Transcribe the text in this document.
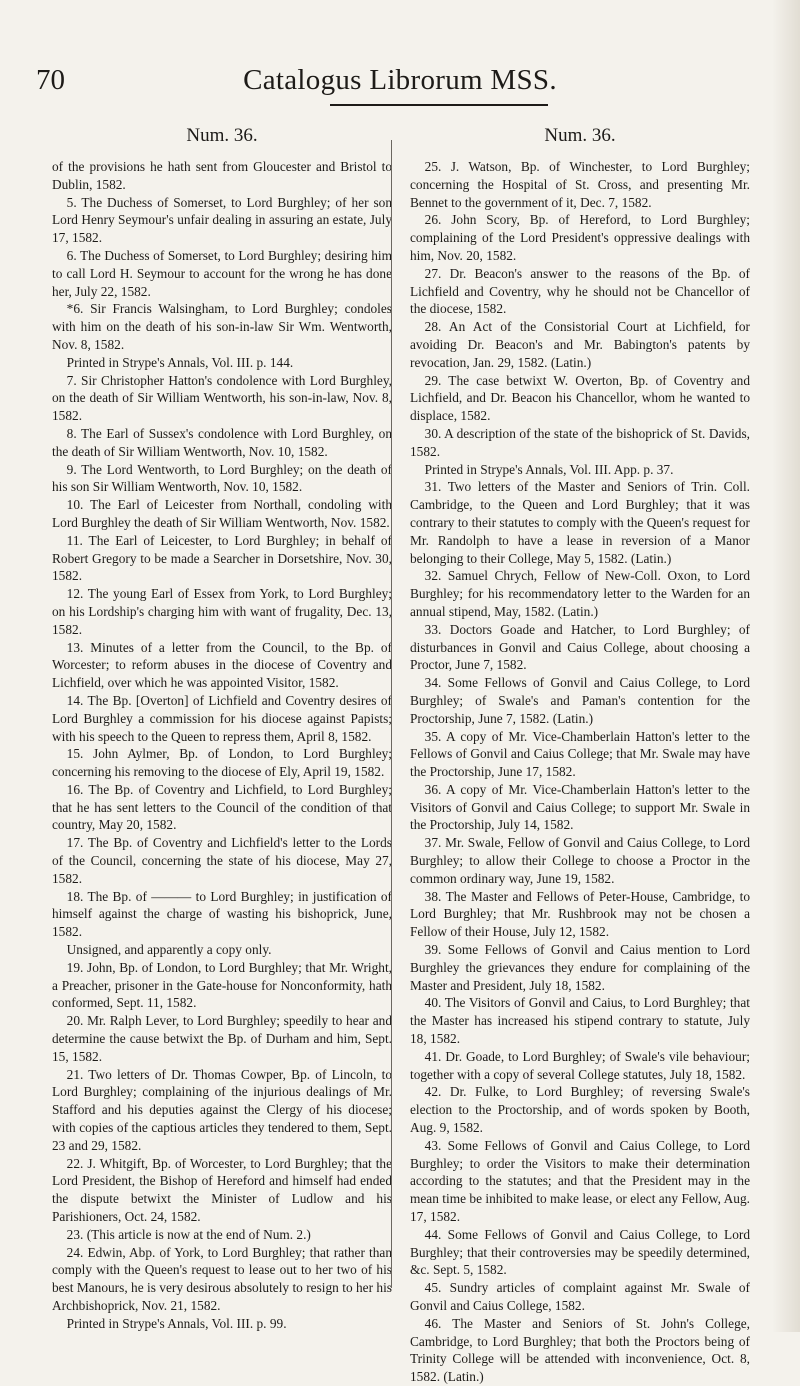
70	Catalogus Librorum MSS.
Num. 36.

of the provisions he hath sent from Gloucester and Bristol to Dublin, 1582.

5. The Duchess of Somerset, to Lord Burghley; of her son Lord Henry Seymour's unfair dealing in assuring an estate, July 17, 1582.

6. The Duchess of Somerset, to Lord Burghley; desiring him to call Lord H. Seymour to account for the wrong he has done her, July 22, 1582.

*6. Sir Francis Walsingham, to Lord Burghley; condoles with him on the death of his son-in-law Sir Wm. Wentworth, Nov. 8, 1582.

Printed in Strype's Annals, Vol. III. p. 144.

7. Sir Christopher Hatton's condolence with Lord Burghley, on the death of Sir William Wentworth, his son-in-law, Nov. 8, 1582.

8. The Earl of Sussex's condolence with Lord Burghley, on the death of Sir William Wentworth, Nov. 10, 1582.

9. The Lord Wentworth, to Lord Burghley; on the death of his son Sir William Wentworth, Nov. 10, 1582.

10. The Earl of Leicester from Northall, condoling with Lord Burghley the death of Sir William Wentworth, Nov. 1582.

11. The Earl of Leicester, to Lord Burghley; in behalf of Robert Gregory to be made a Searcher in Dorsetshire, Nov. 30, 1582.

12. The young Earl of Essex from York, to Lord Burghley; on his Lordship's charging him with want of frugality, Dec. 13, 1582.

13. Minutes of a letter from the Council, to the Bp. of Worcester; to reform abuses in the diocese of Coventry and Lichfield, over which he was appointed Visitor, 1582.

14. The Bp. [Overton] of Lichfield and Coventry desires of Lord Burghley a commission for his diocese against Papists; with his speech to the Queen to repress them, April 8, 1582.

15. John Aylmer, Bp. of London, to Lord Burghley; concerning his removing to the diocese of Ely, April 19, 1582.

16. The Bp. of Coventry and Lichfield, to Lord Burghley; that he has sent letters to the Council of the condition of that country, May 20, 1582.

17. The Bp. of Coventry and Lichfield's letter to the Lords of the Council, concerning the state of his diocese, May 27, 1582.

18. The Bp. of ——— to Lord Burghley; in justification of himself against the charge of wasting his bishoprick, June, 1582.

Unsigned, and apparently a copy only.

19. John, Bp. of London, to Lord Burghley; that Mr. Wright, a Preacher, prisoner in the Gate-house for Nonconformity, hath conformed, Sept. 11, 1582.

20. Mr. Ralph Lever, to Lord Burghley; speedily to hear and determine the cause betwixt the Bp. of Durham and him, Sept. 15, 1582.

21. Two letters of Dr. Thomas Cowper, Bp. of Lincoln, to Lord Burghley; complaining of the injurious dealings of Mr. Stafford and his deputies against the Clergy of his diocese; with copies of the captious articles they tendered to them, Sept. 23 and 29, 1582.

22. J. Whitgift, Bp. of Worcester, to Lord Burghley; that the Lord President, the Bishop of Hereford and himself had ended the dispute betwixt the Minister of Ludlow and his Parishioners, Oct. 24, 1582.

23. (This article is now at the end of Num. 2.)

24. Edwin, Abp. of York, to Lord Burghley; that rather than comply with the Queen's request to lease out to her two of his best Manours, he is very desirous absolutely to resign to her his Archbishoprick, Nov. 21, 1582.

Printed in Strype's Annals, Vol. III. p. 99.

Num. 36.

25. J. Watson, Bp. of Winchester, to Lord Burghley; concerning the Hospital of St. Cross, and presenting Mr. Bennet to the government of it, Dec. 7, 1582.

26. John Scory, Bp. of Hereford, to Lord Burghley; complaining of the Lord President's oppressive dealings with him, Nov. 20, 1582.

27. Dr. Beacon's answer to the reasons of the Bp. of Lichfield and Coventry, why he should not be Chancellor of the diocese, 1582.

28. An Act of the Consistorial Court at Lichfield, for avoiding Dr. Beacon's and Mr. Babington's patents by revocation, Jan. 29, 1582. (Latin.)

29. The case betwixt W. Overton, Bp. of Coventry and Lichfield, and Dr. Beacon his Chancellor, whom he wanted to displace, 1582.

30. A description of the state of the bishoprick of St. Davids, 1582.

Printed in Strype's Annals, Vol. III. App. p. 37.

31. Two letters of the Master and Seniors of Trin. Coll. Cambridge, to the Queen and Lord Burghley; that it was contrary to their statutes to comply with the Queen's request for Mr. Randolph to have a lease in reversion of a Manor belonging to their College, May 5, 1582. (Latin.)

32. Samuel Chrych, Fellow of New-Coll. Oxon, to Lord Burghley; for his recommendatory letter to the Warden for an annual stipend, May, 1582. (Latin.)

33. Doctors Goade and Hatcher, to Lord Burghley; of disturbances in Gonvil and Caius College, about choosing a Proctor, June 7, 1582.

34. Some Fellows of Gonvil and Caius College, to Lord Burghley; of Swale's and Paman's contention for the Proctorship, June 7, 1582. (Latin.)

35. A copy of Mr. Vice-Chamberlain Hatton's letter to the Fellows of Gonvil and Caius College; that Mr. Swale may have the Proctorship, June 17, 1582.

36. A copy of Mr. Vice-Chamberlain Hatton's letter to the Visitors of Gonvil and Caius College; to support Mr. Swale in the Proctorship, July 14, 1582.

37. Mr. Swale, Fellow of Gonvil and Caius College, to Lord Burghley; to allow their College to choose a Proctor in the common ordinary way, June 19, 1582.

38. The Master and Fellows of Peter-House, Cambridge, to Lord Burghley; that Mr. Rushbrook may not be chosen a Fellow of their House, July 12, 1582.

39. Some Fellows of Gonvil and Caius mention to Lord Burghley the grievances they endure for complaining of the Master and President, July 18, 1582.

40. The Visitors of Gonvil and Caius, to Lord Burghley; that the Master has increased his stipend contrary to statute, July 18, 1582.

41. Dr. Goade, to Lord Burghley; of Swale's vile behaviour; together with a copy of several College statutes, July 18, 1582.

42. Dr. Fulke, to Lord Burghley; of reversing Swale's election to the Proctorship, and of words spoken by Booth, Aug. 9, 1582.

43. Some Fellows of Gonvil and Caius College, to Lord Burghley; to order the Visitors to make their determination according to the statutes; and that the President may in the mean time be inhibited to make lease, or elect any Fellow, Aug. 17, 1582.

44. Some Fellows of Gonvil and Caius College, to Lord Burghley; that their controversies may be speedily determined, &c. Sept. 5, 1582.

45. Sundry articles of complaint against Mr. Swale of Gonvil and Caius College, 1582.

46. The Master and Seniors of St. John's College, Cambridge, to Lord Burghley; that both the Proctors being of Trinity College will be attended with inconvenience, Oct. 8, 1582. (Latin.)
